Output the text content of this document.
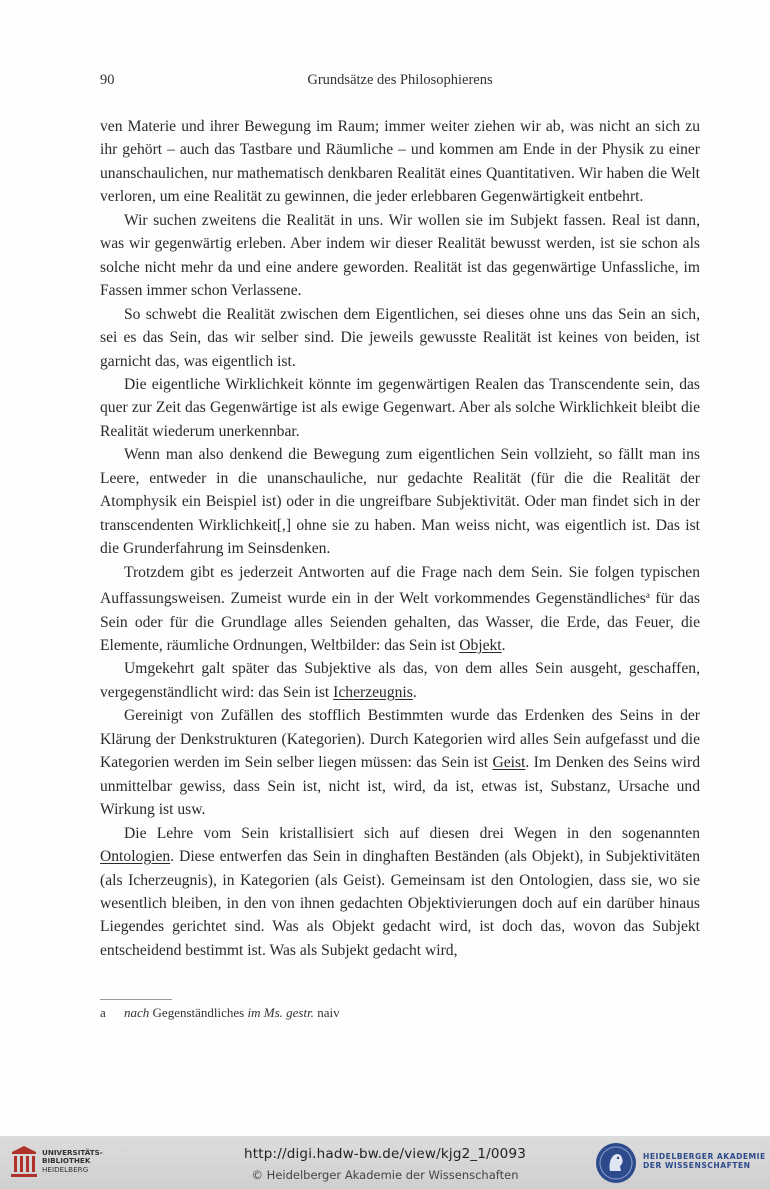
90	Grundsätze des Philosophierens

ven Materie und ihrer Bewegung im Raum; immer weiter ziehen wir ab, was nicht an sich zu ihr gehört – auch das Tastbare und Räumliche – und kommen am Ende in der Physik zu einer unanschaulichen, nur mathematisch denkbaren Realität eines Quantitativen. Wir haben die Welt verloren, um eine Realität zu gewinnen, die jeder erlebbaren Gegenwärtigkeit entbehrt.

Wir suchen zweitens die Realität in uns. Wir wollen sie im Subjekt fassen. Real ist dann, was wir gegenwärtig erleben. Aber indem wir dieser Realität bewusst werden, ist sie schon als solche nicht mehr da und eine andere geworden. Realität ist das gegenwärtige Unfassliche, im Fassen immer schon Verlassene.

So schwebt die Realität zwischen dem Eigentlichen, sei dieses ohne uns das Sein an sich, sei es das Sein, das wir selber sind. Die jeweils gewusste Realität ist keines von beiden, ist garnicht das, was eigentlich ist.

Die eigentliche Wirklichkeit könnte im gegenwärtigen Realen das Transcendente sein, das quer zur Zeit das Gegenwärtige ist als ewige Gegenwart. Aber als solche Wirklichkeit bleibt die Realität wiederum unerkennbar.

Wenn man also denkend die Bewegung zum eigentlichen Sein vollzieht, so fällt man ins Leere, entweder in die unanschauliche, nur gedachte Realität (für die die Realität der Atomphysik ein Beispiel ist) oder in die ungreifbare Subjektivität. Oder man findet sich in der transcendenten Wirklichkeit[,] ohne sie zu haben. Man weiss nicht, was eigentlich ist. Das ist die Grunderfahrung im Seinsdenken.

Trotzdem gibt es jederzeit Antworten auf die Frage nach dem Sein. Sie folgen typischen Auffassungsweisen. Zumeist wurde ein in der Welt vorkommendes Gegenständliches$^a$ für das Sein oder für die Grundlage alles Seienden gehalten, das Wasser, die Erde, das Feuer, die Elemente, räumliche Ordnungen, Weltbilder: das Sein ist Objekt.

Umgekehrt galt später das Subjektive als das, von dem alles Sein ausgeht, geschaffen, vergegenständlicht wird: das Sein ist Icherzeugnis.

Gereinigt von Zufällen des stofflich Bestimmten wurde das Erdenken des Seins in der Klärung der Denkstrukturen (Kategorien). Durch Kategorien wird alles Sein aufgefasst und die Kategorien werden im Sein selber liegen müssen: das Sein ist Geist. Im Denken des Seins wird unmittelbar gewiss, dass Sein ist, nicht ist, wird, da ist, etwas ist, Substanz, Ursache und Wirkung ist usw.

Die Lehre vom Sein kristallisiert sich auf diesen drei Wegen in den sogenannten Ontologien. Diese entwerfen das Sein in dinghaften Beständen (als Objekt), in Subjektivitäten (als Icherzeugnis), in Kategorien (als Geist). Gemeinsam ist den Ontologien, dass sie, wo sie wesentlich bleiben, in den von ihnen gedachten Objektivierungen doch auf ein darüber hinaus Liegendes gerichtet sind. Was als Objekt gedacht wird, ist doch das, wovon das Subjekt entscheidend bestimmt ist. Was als Subjekt gedacht wird,

a nach Gegenständliches im Ms. gestr. naiv
UNIVERSITÄTS-
BIBLIOTHEK
HEIDELBERG
http://digi.hadw-bw.de/view/kjg2_1/0093
© Heidelberger Akademie der Wissenschaften
HEIDELBERGER AKADEMIE
DER WISSENSCHAFTEN
